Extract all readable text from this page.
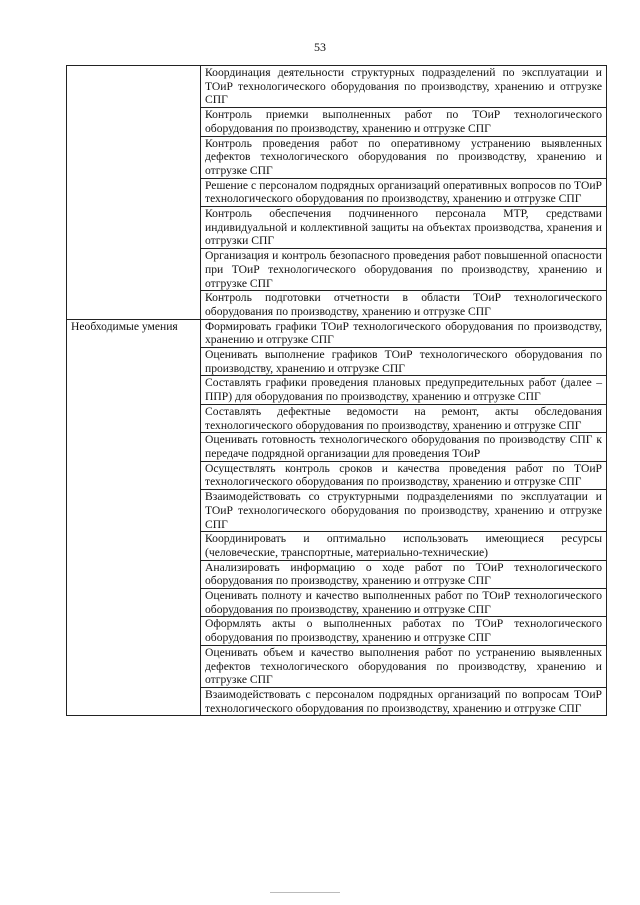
53
	Координация деятельности структурных подразделений по эксплуатации и ТОиР технологического оборудования по производству, хранению и отгрузке СПГ
	Контроль приемки выполненных работ по ТОиР технологического оборудования по производству, хранению и отгрузке СПГ
	Контроль проведения работ по оперативному устранению выявленных дефектов технологического оборудования по производству, хранению и отгрузке СПГ
	Решение с персоналом подрядных организаций оперативных вопросов по ТОиР технологического оборудования по производству, хранению и отгрузке СПГ
	Контроль обеспечения подчиненного персонала МТР, средствами индивидуальной и коллективной защиты на объектах производства, хранения и отгрузки СПГ
	Организация и контроль безопасного проведения работ повышенной опасности при ТОиР технологического оборудования по производству, хранению и отгрузке СПГ
	Контроль подготовки отчетности в области ТОиР технологического оборудования по производству, хранению и отгрузке СПГ
Необходимые умения	Формировать графики ТОиР технологического оборудования по производству, хранению и отгрузке СПГ
	Оценивать выполнение графиков ТОиР технологического оборудования по производству, хранению и отгрузке СПГ
	Составлять графики проведения плановых предупредительных работ (далее – ППР) для оборудования по производству, хранению и отгрузке СПГ
	Составлять дефектные ведомости на ремонт, акты обследования технологического оборудования по производству, хранению и отгрузке СПГ
	Оценивать готовность технологического оборудования по производству СПГ к передаче подрядной организации для проведения ТОиР
	Осуществлять контроль сроков и качества проведения работ по ТОиР технологического оборудования по производству, хранению и отгрузке СПГ
	Взаимодействовать со структурными подразделениями по эксплуатации и ТОиР технологического оборудования по производству, хранению и отгрузке СПГ
	Координировать и оптимально использовать имеющиеся ресурсы (человеческие, транспортные, материально-технические)
	Анализировать информацию о ходе работ по ТОиР технологического оборудования по производству, хранению и отгрузке СПГ
	Оценивать полноту и качество выполненных работ по ТОиР технологического оборудования по производству, хранению и отгрузке СПГ
	Оформлять акты о выполненных работах по ТОиР технологического оборудования по производству, хранению и отгрузке СПГ
	Оценивать объем и качество выполнения работ по устранению выявленных дефектов технологического оборудования по производству, хранению и отгрузке СПГ
	Взаимодействовать с персоналом подрядных организаций по вопросам ТОиР технологического оборудования по производству, хранению и отгрузке СПГ
